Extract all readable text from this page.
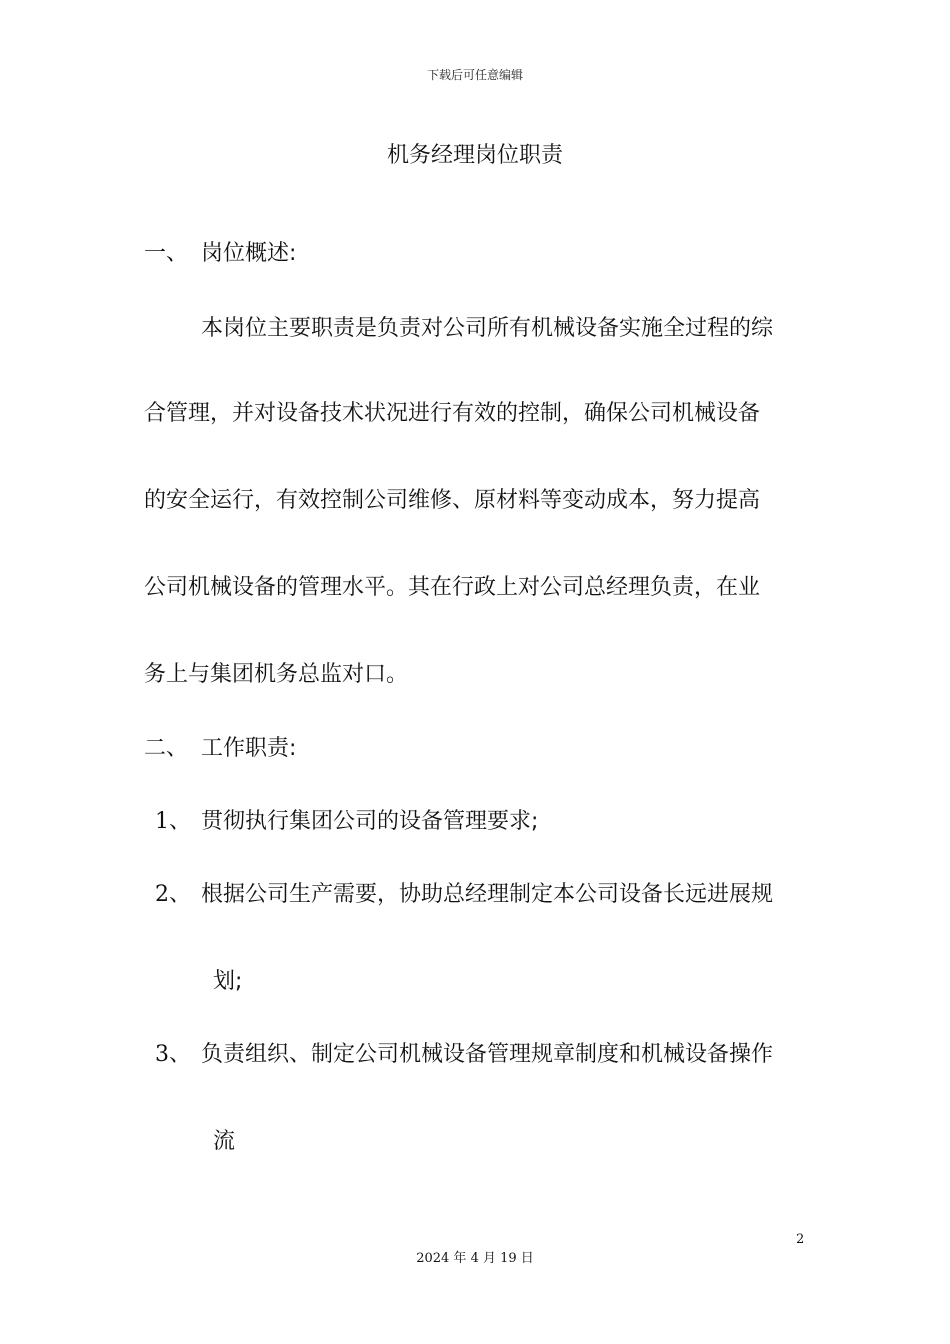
下载后可任意编辑
机务经理岗位职责
一、 岗位概述:
本岗位主要职责是负责对公司所有机械设备实施全过程的综
合管理，并对设备技术状况进行有效的控制，确保公司机械设备
的安全运行，有效控制公司维修、原材料等变动成本，努力提高
公司机械设备的管理水平。其在行政上对公司总经理负责，在业
务上与集团机务总监对口。
二、 工作职责:
1、 贯彻执行集团公司的设备管理要求;
2、 根据公司生产需要，协助总经理制定本公司设备长远进展规
划;
3、 负责组织、制定公司机械设备管理规章制度和机械设备操作
流
2
2024 年 4 月 19 日
